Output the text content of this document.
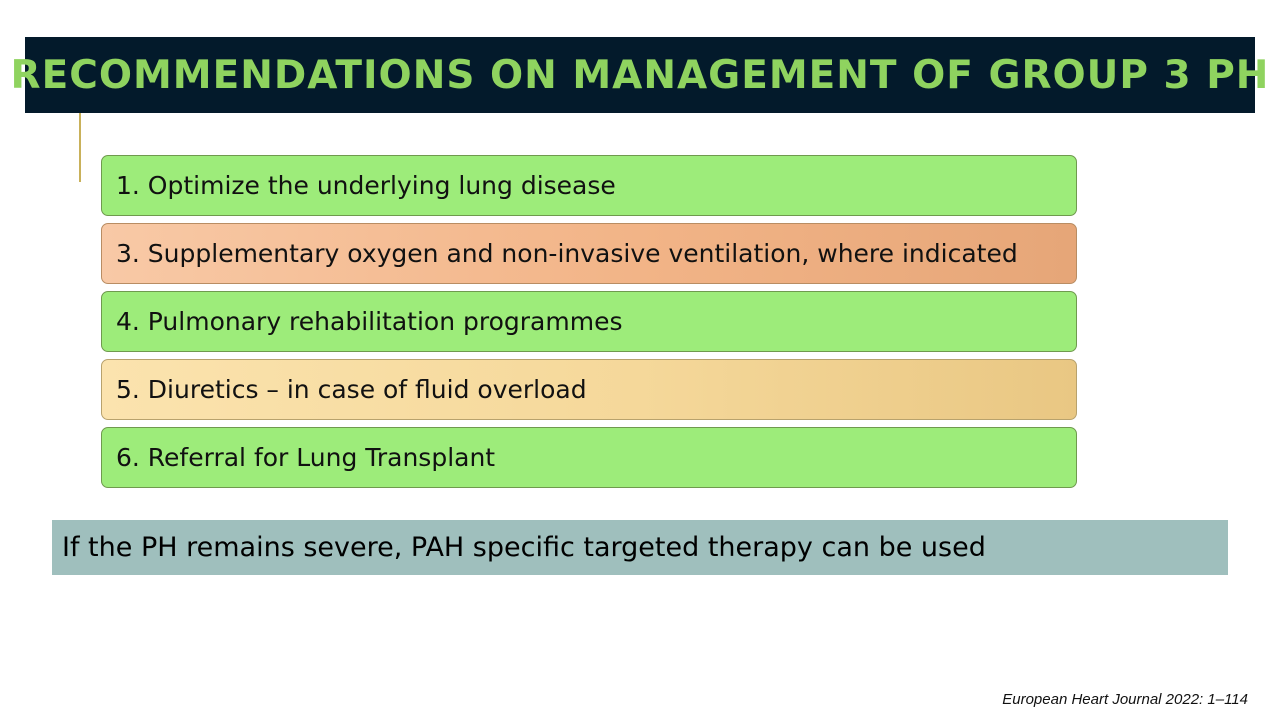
RECOMMENDATIONS ON MANAGEMENT OF GROUP 3 PH
1. Optimize the underlying lung disease
3. Supplementary oxygen and non-invasive ventilation, where indicated
4. Pulmonary rehabilitation programmes
5. Diuretics – in case of fluid overload
6. Referral for Lung Transplant
If the PH remains severe, PAH specific targeted therapy can be used
European Heart Journal 2022: 1–114
